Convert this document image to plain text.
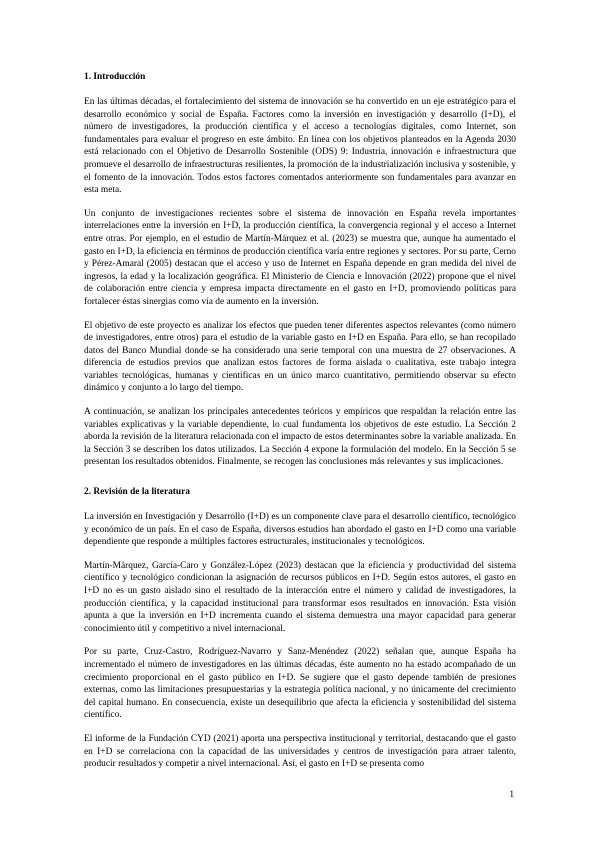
1. Introducción

En las últimas décadas, el fortalecimiento del sistema de innovación se ha convertido en un eje estratégico para el desarrollo económico y social de España. Factores como la inversión en investigación y desarrollo (I+D), el número de investigadores, la producción científica y el acceso a tecnologías digitales, como Internet, son fundamentales para evaluar el progreso en este ámbito. En línea con los objetivos planteados en la Agenda 2030 está relacionado con el Objetivo de Desarrollo Sostenible (ODS) 9: Industria, innovación e infraestructura que promueve el desarrollo de infraestructuras resilientes, la promoción de la industrialización inclusiva y sostenible, y el fomento de la innovación. Todos estos factores comentados anteriormente son fundamentales para avanzar en esta meta.

Un conjunto de investigaciones recientes sobre el sistema de innovación en España revela importantes interrelaciones entre la inversión en I+D, la producción científica, la convergencia regional y el acceso a Internet entre otras. Por ejemplo, en el estudio de Martín-Márquez et al. (2023) se muestra que, aunque ha aumentado el gasto en I+D, la eficiencia en términos de producción científica varía entre regiones y sectores. Por su parte, Cerno y Pérez-Amaral (2005) destacan que el acceso y uso de Internet en España depende en gran medida del nivel de ingresos, la edad y la localización geográfica. El Ministerio de Ciencia e Innovación (2022) propone que el nivel de colaboración entre ciencia y empresa impacta directamente en el gasto en I+D, promoviendo políticas para fortalecer éstas sinergias como vía de aumento en la inversión.

El objetivo de este proyecto es analizar los efectos que pueden tener diferentes aspectos relevantes (como número de investigadores, entre otros) para el estudio de la variable gasto en I+D en España. Para ello, se han recopilado datos del Banco Mundial donde se ha considerado una serie temporal con una muestra de 27 observaciones. A diferencia de estudios previos que analizan estos factores de forma aislada o cualitativa, este trabajo integra variables tecnológicas, humanas y científicas en un único marco cuantitativo, permitiendo observar su efecto dinámico y conjunto a lo largo del tiempo.

A continuación, se analizan los principales antecedentes teóricos y empíricos que respaldan la relación entre las variables explicativas y la variable dependiente, lo cual fundamenta los objetivos de este estudio. La Sección 2 aborda la revisión de la literatura relacionada con el impacto de estos determinantes sobre la variable analizada. En la Sección 3 se describen los datos utilizados. La Sección 4 expone la formulación del modelo. En la Sección 5 se presentan los resultados obtenidos. Finalmente, se recogen las conclusiones más relevantes y sus implicaciones.

2. Revisión de la literatura

La inversión en Investigación y Desarrollo (I+D) es un componente clave para el desarrollo científico, tecnológico y económico de un país. En el caso de España, diversos estudios han abordado el gasto en I+D como una variable dependiente que responde a múltiples factores estructurales, institucionales y tecnológicos.

Martín-Márquez, García-Caro y González-López (2023) destacan que la eficiencia y productividad del sistema científico y tecnológico condicionan la asignación de recursos públicos en I+D. Según estos autores, el gasto en I+D no es un gasto aislado sino el resultado de la interacción entre el número y calidad de investigadores, la producción científica, y la capacidad institucional para transformar esos resultados en innovación. Esta visión apunta a que la inversión en I+D incrementa cuando el sistema demuestra una mayor capacidad para generar conocimiento útil y competitivo a nivel internacional.

Por su parte, Cruz-Castro, Rodríguez-Navarro y Sanz-Menéndez (2022) señalan que, aunque España ha incrementado el número de investigadores en las últimas décadas, éste aumento no ha estado acompañado de un crecimiento proporcional en el gasto público en I+D. Se sugiere que el gasto depende también de presiones externas, como las limitaciones presupuestarias y la estrategia política nacional, y no únicamente del crecimiento del capital humano. En consecuencia, existe un desequilibrio que afecta la eficiencia y sostenibilidad del sistema científico.

El informe de la Fundación CYD (2021) aporta una perspectiva institucional y territorial, destacando que el gasto en I+D se correlaciona con la capacidad de las universidades y centros de investigación para atraer talento, producir resultados y competir a nivel internacional. Así, el gasto en I+D se presenta como

1
